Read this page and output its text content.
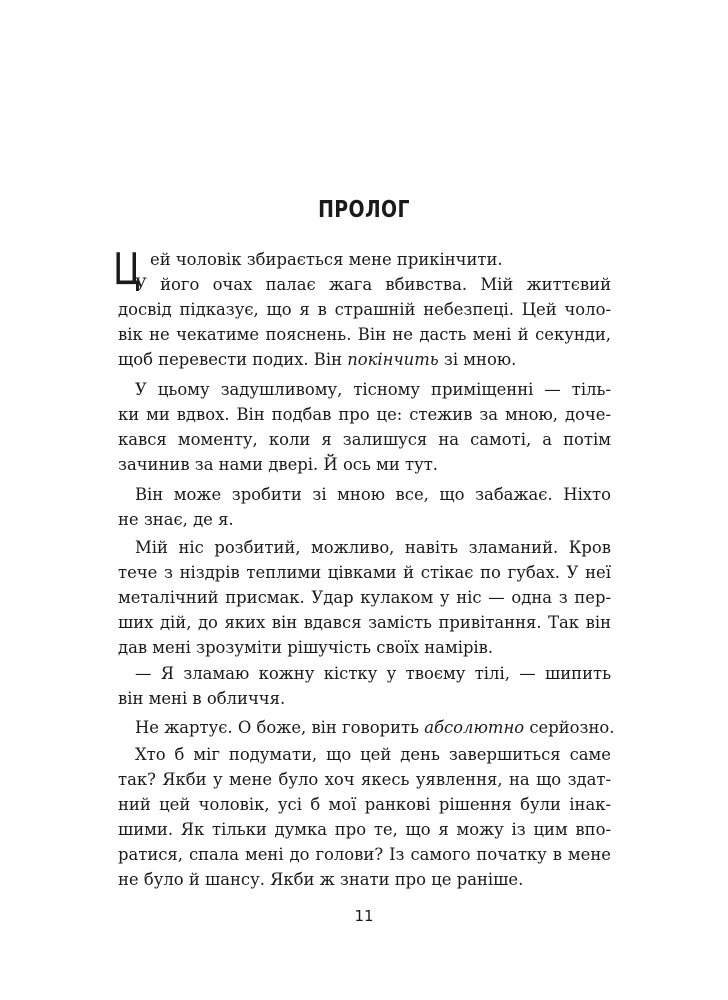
ПРОЛОГ
Ц ей чоловік збирається мене прикінчити.
У його очах палає жага вбивства. Мій життєвий
досвід підказує, що я в страшній небезпеці. Цей чоло-
вік не чекатиме пояснень. Він не дасть мені й секунди,
щоб перевести подих. Він покінчить зі мною.
У цьому задушливому, тісному приміщенні — тіль-
ки ми вдвох. Він подбав про це: стежив за мною, доче-
кався моменту, коли я залишуся на самоті, а потім
зачинив за нами двері. Й ось ми тут.
Він може зробити зі мною все, що забажає. Ніхто
не знає, де я.
Мій ніс розбитий, можливо, навіть зламаний. Кров
тече з ніздрів теплими цівками й стікає по губах. У неї
металічний присмак. Удар кулаком у ніс — одна з пер-
ших дій, до яких він вдався замість привітання. Так він
дав мені зрозуміти рішучість своїх намірів.
— Я зламаю кожну кістку у твоєму тілі, — шипить
він мені в обличчя.
Не жартує. О боже, він говорить абсолютно серйозно.
Хто б міг подумати, що цей день завершиться саме
так? Якби у мене було хоч якесь уявлення, на що здат-
ний цей чоловік, усі б мої ранкові рішення були інак-
шими. Як тільки думка про те, що я можу із цим впо-
ратися, спала мені до голови? Із самого початку в мене
не було й шансу. Якби ж знати про це раніше.
11
